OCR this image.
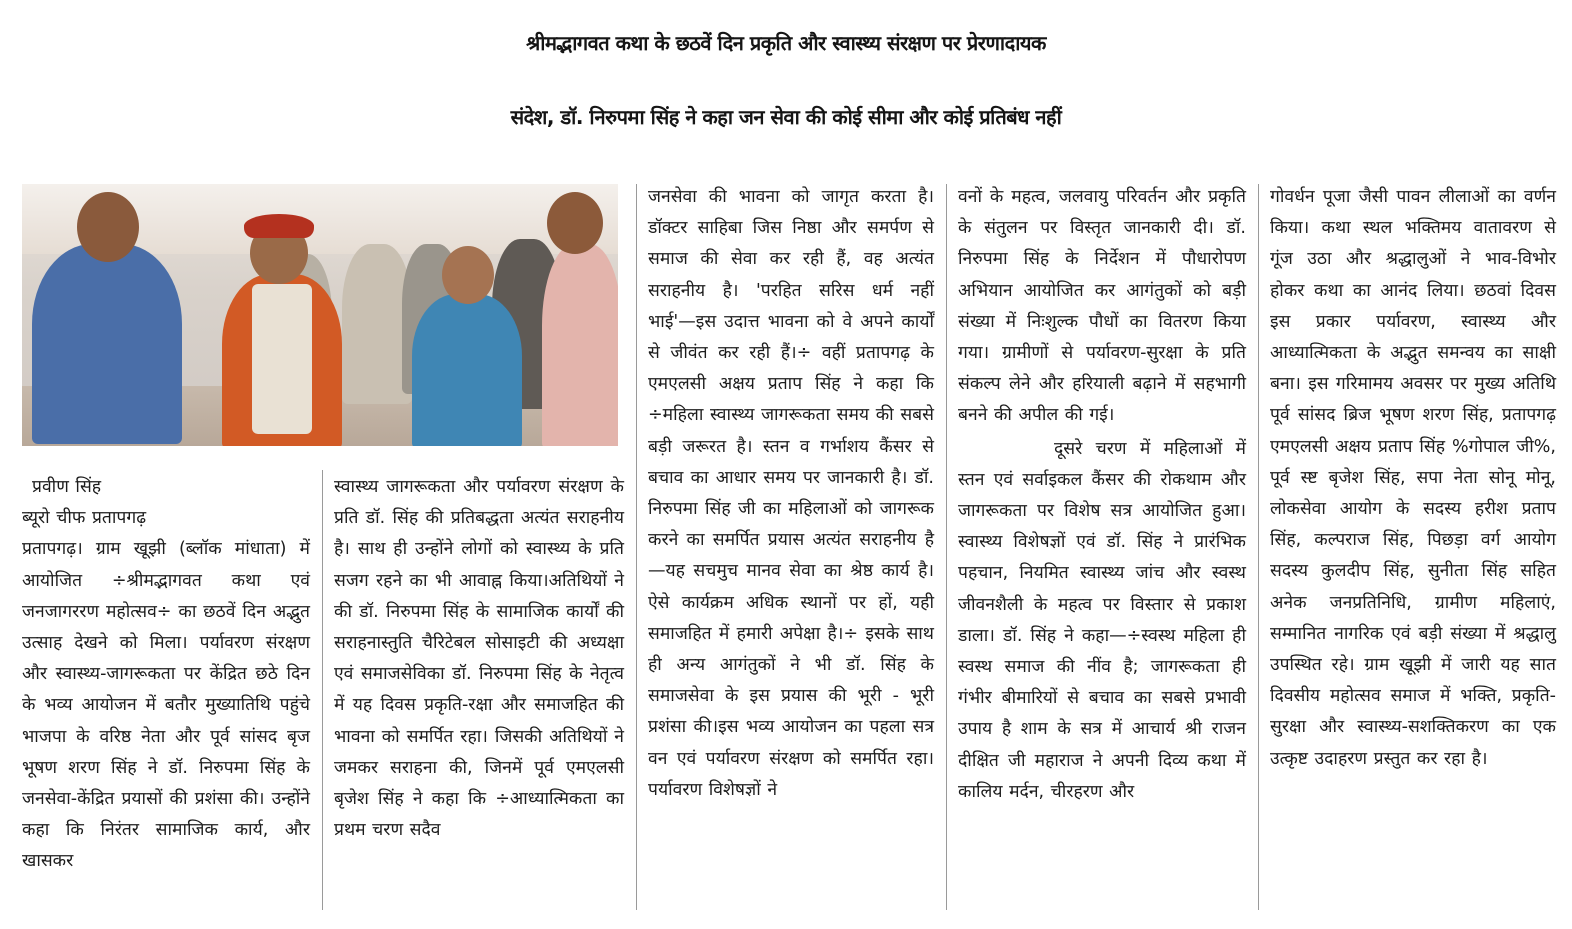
श्रीमद्भागवत कथा के छठवें दिन प्रकृति और स्वास्थ्य संरक्षण पर प्रेरणादायक
संदेश, डॉ. निरुपमा सिंह ने कहा जन सेवा की कोई सीमा और कोई प्रतिबंध नहीं
प्रवीण सिंह
ब्यूरो चीफ प्रतापगढ़

प्रतापगढ़। ग्राम खूझी (ब्लॉक मांधाता) में आयोजित ÷श्रीमद्भागवत कथा एवं जनजागररण महोत्सव÷ का छठवें दिन अद्भुत उत्साह देखने को मिला। पर्यावरण संरक्षण और स्वास्थ्य-जागरूकता पर केंद्रित छठे दिन के भव्य आयोजन में बतौर मुख्यातिथि पहुंचे भाजपा के वरिष्ठ नेता और पूर्व सांसद बृज भूषण शरण सिंह ने डॉ. निरुपमा सिंह के जनसेवा-केंद्रित प्रयासों की प्रशंसा की। उन्होंने कहा कि निरंतर सामाजिक कार्य, और खासकर

स्वास्थ्य जागरूकता और पर्यावरण संरक्षण के प्रति डॉ. सिंह की प्रतिबद्धता अत्यंत सराहनीय है। साथ ही उन्होंने लोगों को स्वास्थ्य के प्रति सजग रहने का भी आवाह्न किया।अतिथियों ने की डॉ. निरुपमा सिंह के सामाजिक कार्यों की सराहनास्तुति चैरिटेबल सोसाइटी की अध्यक्षा एवं समाजसेविका डॉ. निरुपमा सिंह के नेतृत्व में यह दिवस प्रकृति-रक्षा और समाजहित की भावना को समर्पित रहा। जिसकी अतिथियों ने जमकर सराहना की, जिनमें पूर्व एमएलसी बृजेश सिंह ने कहा कि ÷आध्यात्मिकता का प्रथम चरण सदैव

जनसेवा की भावना को जागृत करता है। डॉक्टर साहिबा जिस निष्ठा और समर्पण से समाज की सेवा कर रही हैं, वह अत्यंत सराहनीय है। 'परहित सरिस धर्म नहीं भाई'—इस उदात्त भावना को वे अपने कार्यों से जीवंत कर रही हैं।÷ वहीं प्रतापगढ़ के एमएलसी अक्षय प्रताप सिंह ने कहा कि ÷महिला स्वास्थ्य जागरूकता समय की सबसे बड़ी जरूरत है। स्तन व गर्भाशय कैंसर से बचाव का आधार समय पर जानकारी है। डॉ. निरुपमा सिंह जी का महिलाओं को जागरूक करने का समर्पित प्रयास अत्यंत सराहनीय है—यह सचमुच मानव सेवा का श्रेष्ठ कार्य है। ऐसे कार्यक्रम अधिक स्थानों पर हों, यही समाजहित में हमारी अपेक्षा है।÷ इसके साथ ही अन्य आगंतुकों ने भी डॉ. सिंह के समाजसेवा के इस प्रयास की भूरी - भूरी प्रशंसा की।इस भव्य आयोजन का पहला सत्र वन एवं पर्यावरण संरक्षण को समर्पित रहा। पर्यावरण विशेषज्ञों ने

वनों के महत्व, जलवायु परिवर्तन और प्रकृति के संतुलन पर विस्तृत जानकारी दी। डॉ. निरुपमा सिंह के निर्देशन में पौधारोपण अभियान आयोजित कर आगंतुकों को बड़ी संख्या में निःशुल्क पौधों का वितरण किया गया। ग्रामीणों से पर्यावरण-सुरक्षा के प्रति संकल्प लेने और हरियाली बढ़ाने में सहभागी बनने की अपील की गई।

दूसरे चरण में महिलाओं में स्तन एवं सर्वाइकल कैंसर की रोकथाम और जागरूकता पर विशेष सत्र आयोजित हुआ। स्वास्थ्य विशेषज्ञों एवं डॉ. सिंह ने प्रारंभिक पहचान, नियमित स्वास्थ्य जांच और स्वस्थ जीवनशैली के महत्व पर विस्तार से प्रकाश डाला। डॉ. सिंह ने कहा—÷स्वस्थ महिला ही स्वस्थ समाज की नींव है; जागरूकता ही गंभीर बीमारियों से बचाव का सबसे प्रभावी उपाय है शाम के सत्र में आचार्य श्री राजन दीक्षित जी महाराज ने अपनी दिव्य कथा में कालिय मर्दन, चीरहरण और

गोवर्धन पूजा जैसी पावन लीलाओं का वर्णन किया। कथा स्थल भक्तिमय वातावरण से गूंज उठा और श्रद्धालुओं ने भाव-विभोर होकर कथा का आनंद लिया। छठवां दिवस इस प्रकार पर्यावरण, स्वास्थ्य और आध्यात्मिकता के अद्भुत समन्वय का साक्षी बना। इस गरिमामय अवसर पर मुख्य अतिथि पूर्व सांसद ब्रिज भूषण शरण सिंह, प्रतापगढ़ एमएलसी अक्षय प्रताप सिंह %गोपाल जी%, पूर्व स्ष्ट बृजेश सिंह, सपा नेता सोनू मोनू, लोकसेवा आयोग के सदस्य हरीश प्रताप सिंह, कल्पराज सिंह, पिछड़ा वर्ग आयोग सदस्य कुलदीप सिंह, सुनीता सिंह सहित अनेक जनप्रतिनिधि, ग्रामीण महिलाएं, सम्मानित नागरिक एवं बड़ी संख्या में श्रद्धालु उपस्थित रहे। ग्राम खूझी में जारी यह सात दिवसीय महोत्सव समाज में भक्ति, प्रकृति-सुरक्षा और स्वास्थ्य-सशक्तिकरण का एक उत्कृष्ट उदाहरण प्रस्तुत कर रहा है।
